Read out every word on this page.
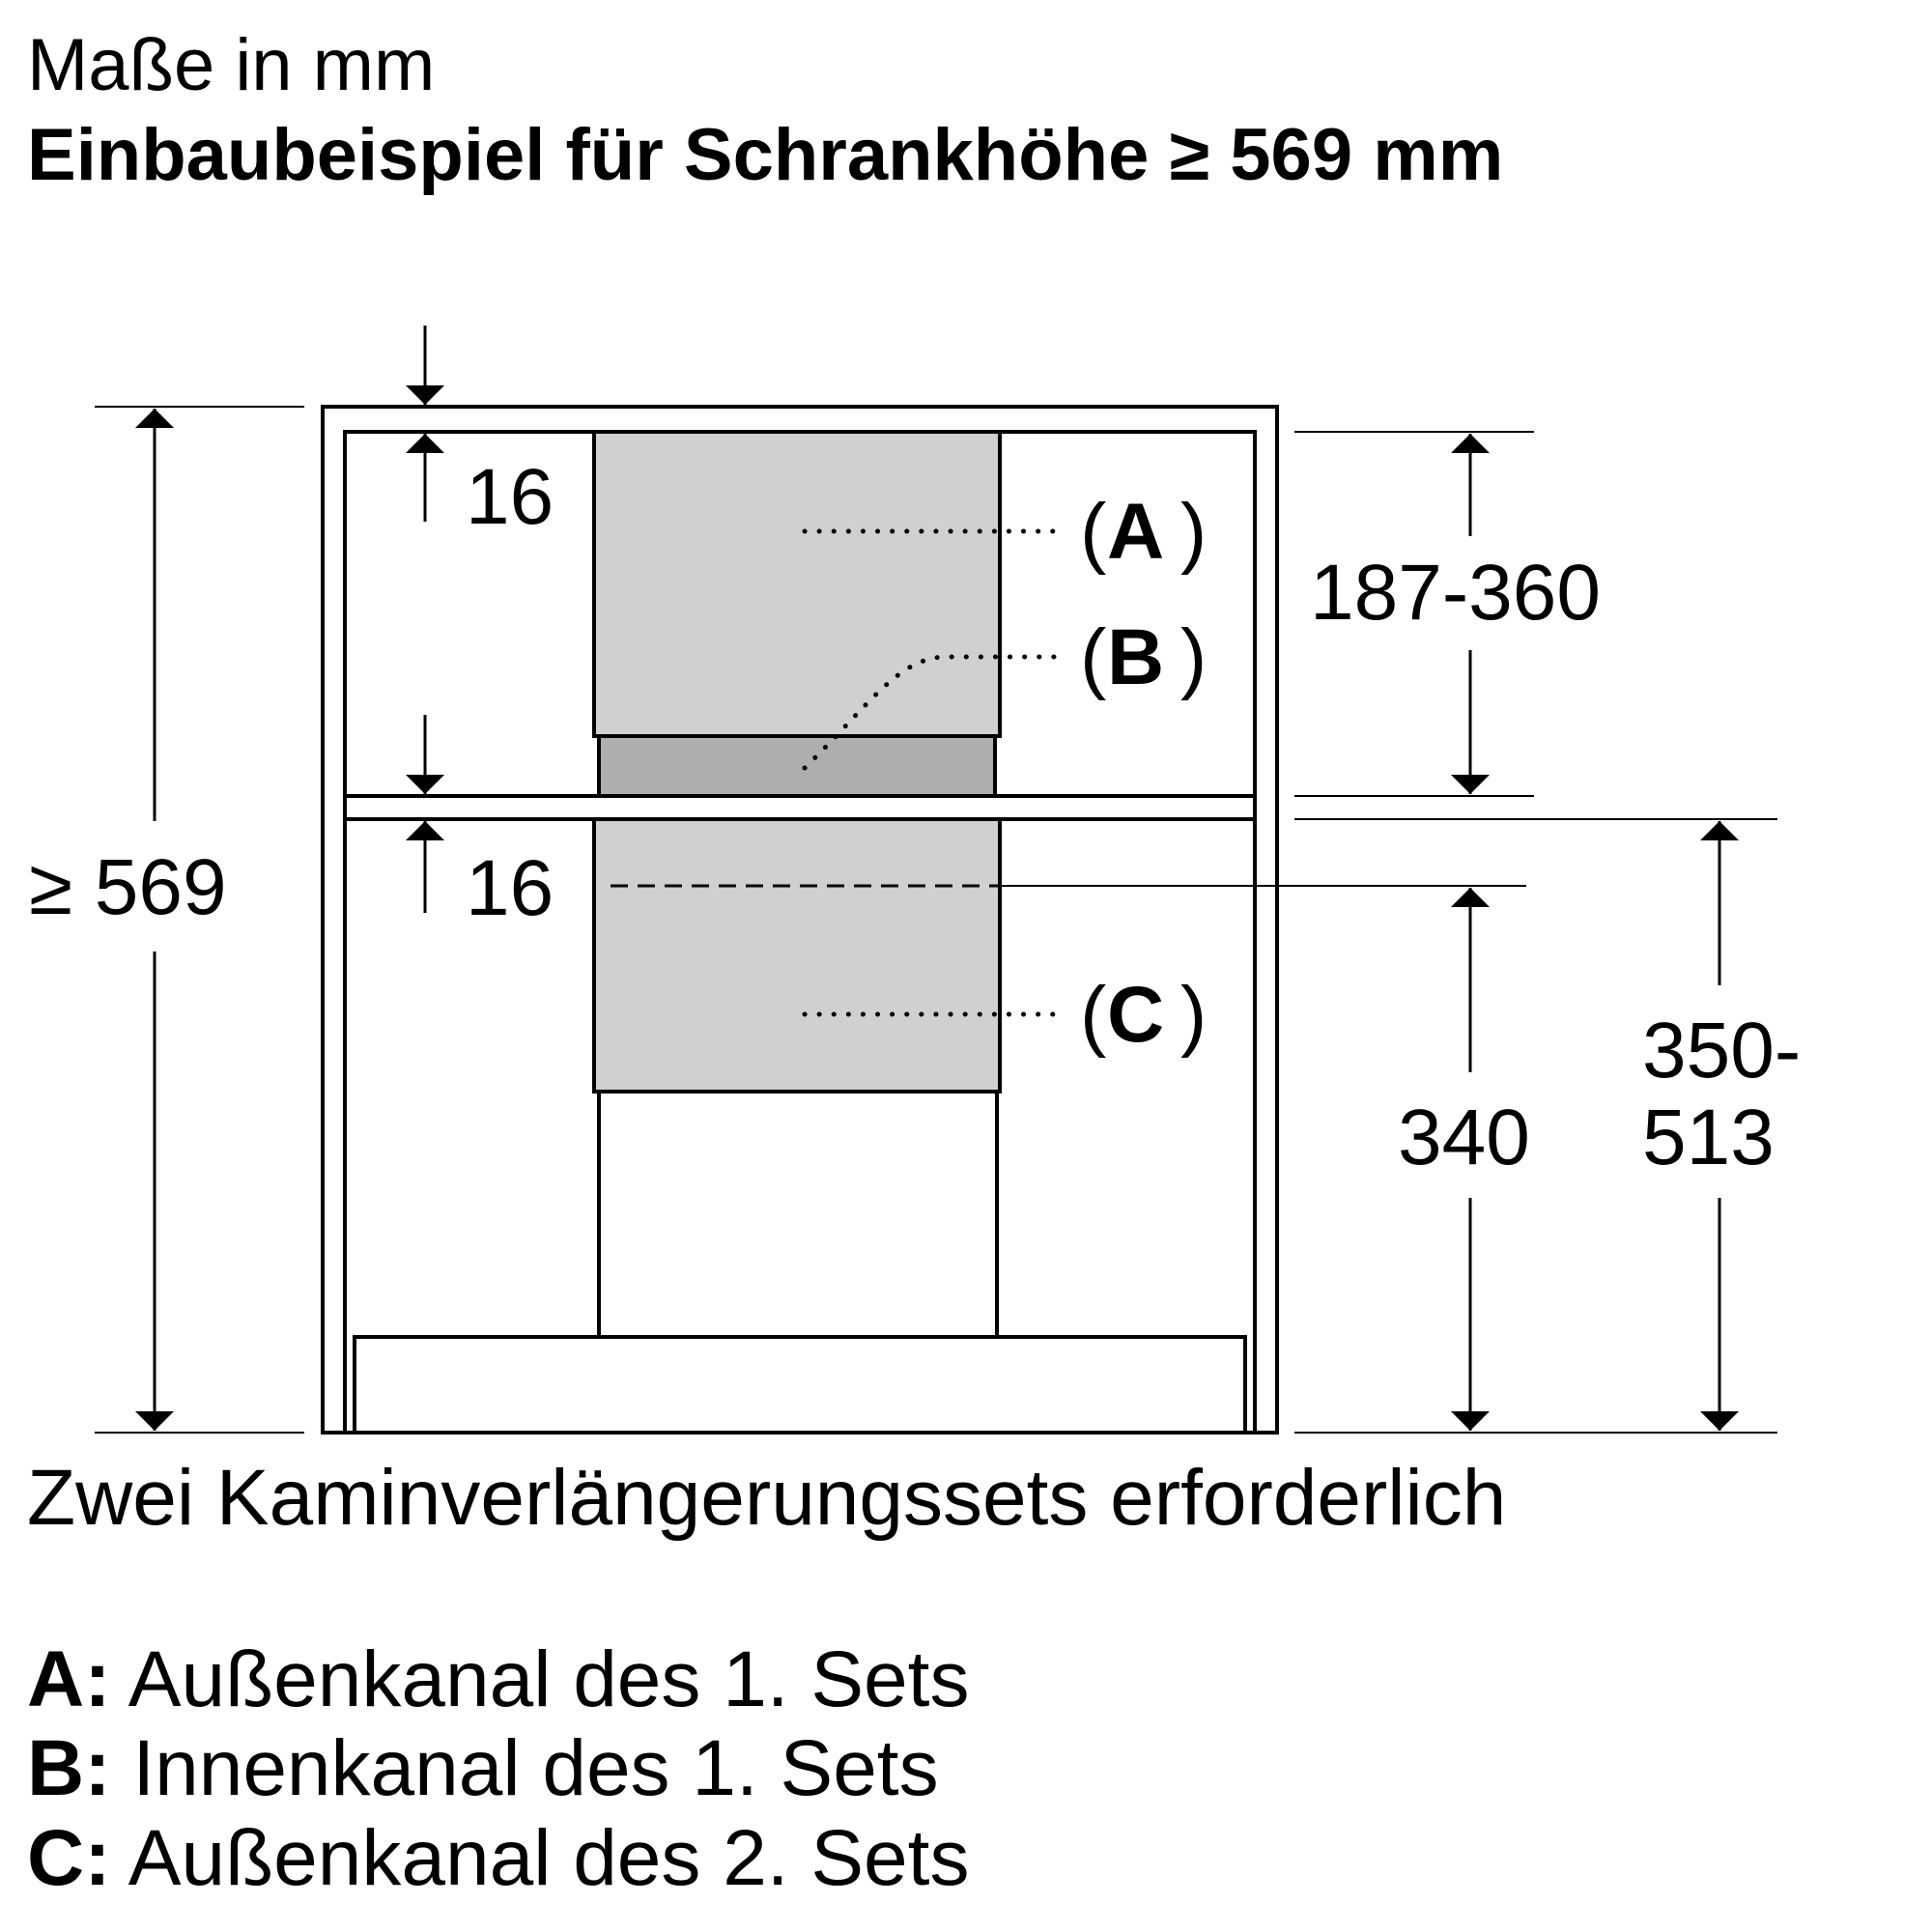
Maße in mm
Einbaubeispiel für Schrankhöhe ≥ 569 mm
( A )
( B )
( C )
≥ 569
16
16
187-360
340
350-
513
Zwei Kaminverlängerungssets erforderlich
A: Außenkanal des 1. Sets
B: Innenkanal des 1. Sets
C: Außenkanal des 2. Sets
